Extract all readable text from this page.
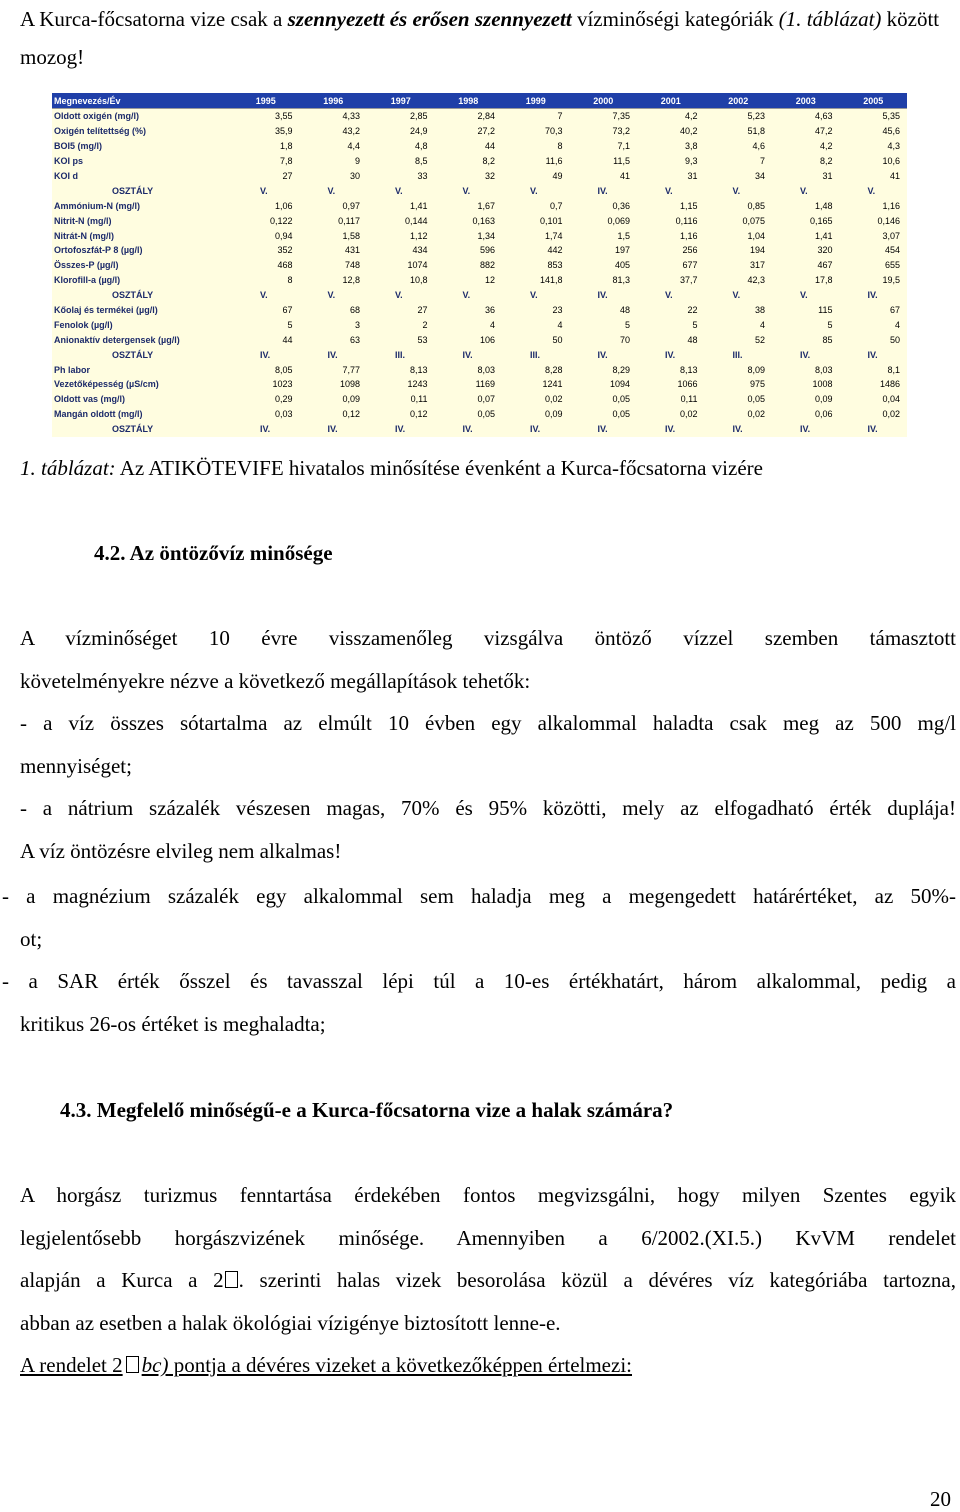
A Kurca-főcsatorna vize csak a szennyezett és erősen szennyezett vízminőségi kategóriák (1. táblázat) között mozog!
Megnevezés/Év	1995	1996	1997	1998	1999	2000	2001	2002	2003	2005
Oldott oxigén (mg/l)	3,55	4,33	2,85	2,84	7	7,35	4,2	5,23	4,63	5,35
Oxigén telítettség (%)	35,9	43,2	24,9	27,2	70,3	73,2	40,2	51,8	47,2	45,6
BOI5 (mg/l)	1,8	4,4	4,8	44	8	7,1	3,8	4,6	4,2	4,3
KOI ps	7,8	9	8,5	8,2	11,6	11,5	9,3	7	8,2	10,6
KOI d	27	30	33	32	49	41	31	34	31	41
OSZTÁLY	V.	V.	V.	V.	V.	IV.	V.	V.	V.	V.
Ammónium-N (mg/l)	1,06	0,97	1,41	1,67	0,7	0,36	1,15	0,85	1,48	1,16
Nitrit-N (mg/l)	0,122	0,117	0,144	0,163	0,101	0,069	0,116	0,075	0,165	0,146
Nitrát-N (mg/l)	0,94	1,58	1,12	1,34	1,74	1,5	1,16	1,04	1,41	3,07
Ortofoszfát-P 8 (µg/l)	352	431	434	596	442	197	256	194	320	454
Összes-P (µg/l)	468	748	1074	882	853	405	677	317	467	655
Klorofill-a (µg/l)	8	12,8	10,8	12	141,8	81,3	37,7	42,3	17,8	19,5
OSZTÁLY	V.	V.	V.	V.	V.	IV.	V.	V.	V.	IV.
Kőolaj és termékei (µg/l)	67	68	27	36	23	48	22	38	115	67
Fenolok (µg/l)	5	3	2	4	4	5	5	4	5	4
Anionaktív detergensek (µg/l)	44	63	53	106	50	70	48	52	85	50
OSZTÁLY	IV.	IV.	III.	IV.	III.	IV.	IV.	III.	IV.	IV.
Ph labor	8,05	7,77	8,13	8,03	8,28	8,29	8,13	8,09	8,03	8,1
Vezetőképesség (µS/cm)	1023	1098	1243	1169	1241	1094	1066	975	1008	1486
Oldott vas (mg/l)	0,29	0,09	0,11	0,07	0,02	0,05	0,11	0,05	0,09	0,04
Mangán oldott (mg/l)	0,03	0,12	0,12	0,05	0,09	0,05	0,02	0,02	0,06	0,02
OSZTÁLY	IV.	IV.	IV.	IV.	IV.	IV.	IV.	IV.	IV.	IV.
1. táblázat: Az ATIKÖTEVIFE hivatalos minősítése évenként a Kurca-főcsatorna vizére
4.2. Az öntözővíz minősége
A vízminőséget 10 évre visszamenőleg vizsgálva öntöző vízzel szemben támasztott
követelményekre nézve a következő megállapítások tehetők:
- a víz összes sótartalma az elmúlt 10 évben egy alkalommal haladta csak meg az 500 mg/l
mennyiséget;
- a nátrium százalék vészesen magas, 70% és 95% közötti, mely az elfogadható érték duplája!
A víz öntözésre elvileg nem alkalmas!
- a magnézium százalék egy alkalommal sem haladja meg a megengedett határértéket, az 50%-
ot;
- a SAR érték ősszel és tavasszal lépi túl a 10-es értékhatárt, három alkalommal, pedig a
kritikus 26-os értéket is meghaladta;
4.3. Megfelelő minőségű-e a Kurca-főcsatorna vize a halak számára?
A horgász turizmus fenntartása érdekében fontos megvizsgálni, hogy milyen Szentes egyik
legjelentősebb horgászvizének minősége. Amennyiben a 6/2002.(XI.5.) KvVM rendelet
alapján a Kurca a 2 . szerinti halas vizek besorolása közül a dévéres víz kategóriába tartozna,
abban az esetben a halak ökológiai vízigénye biztosított lenne-e.
A rendelet 2 bc) pontja a dévéres vizeket a következőképpen értelmezi:
20
